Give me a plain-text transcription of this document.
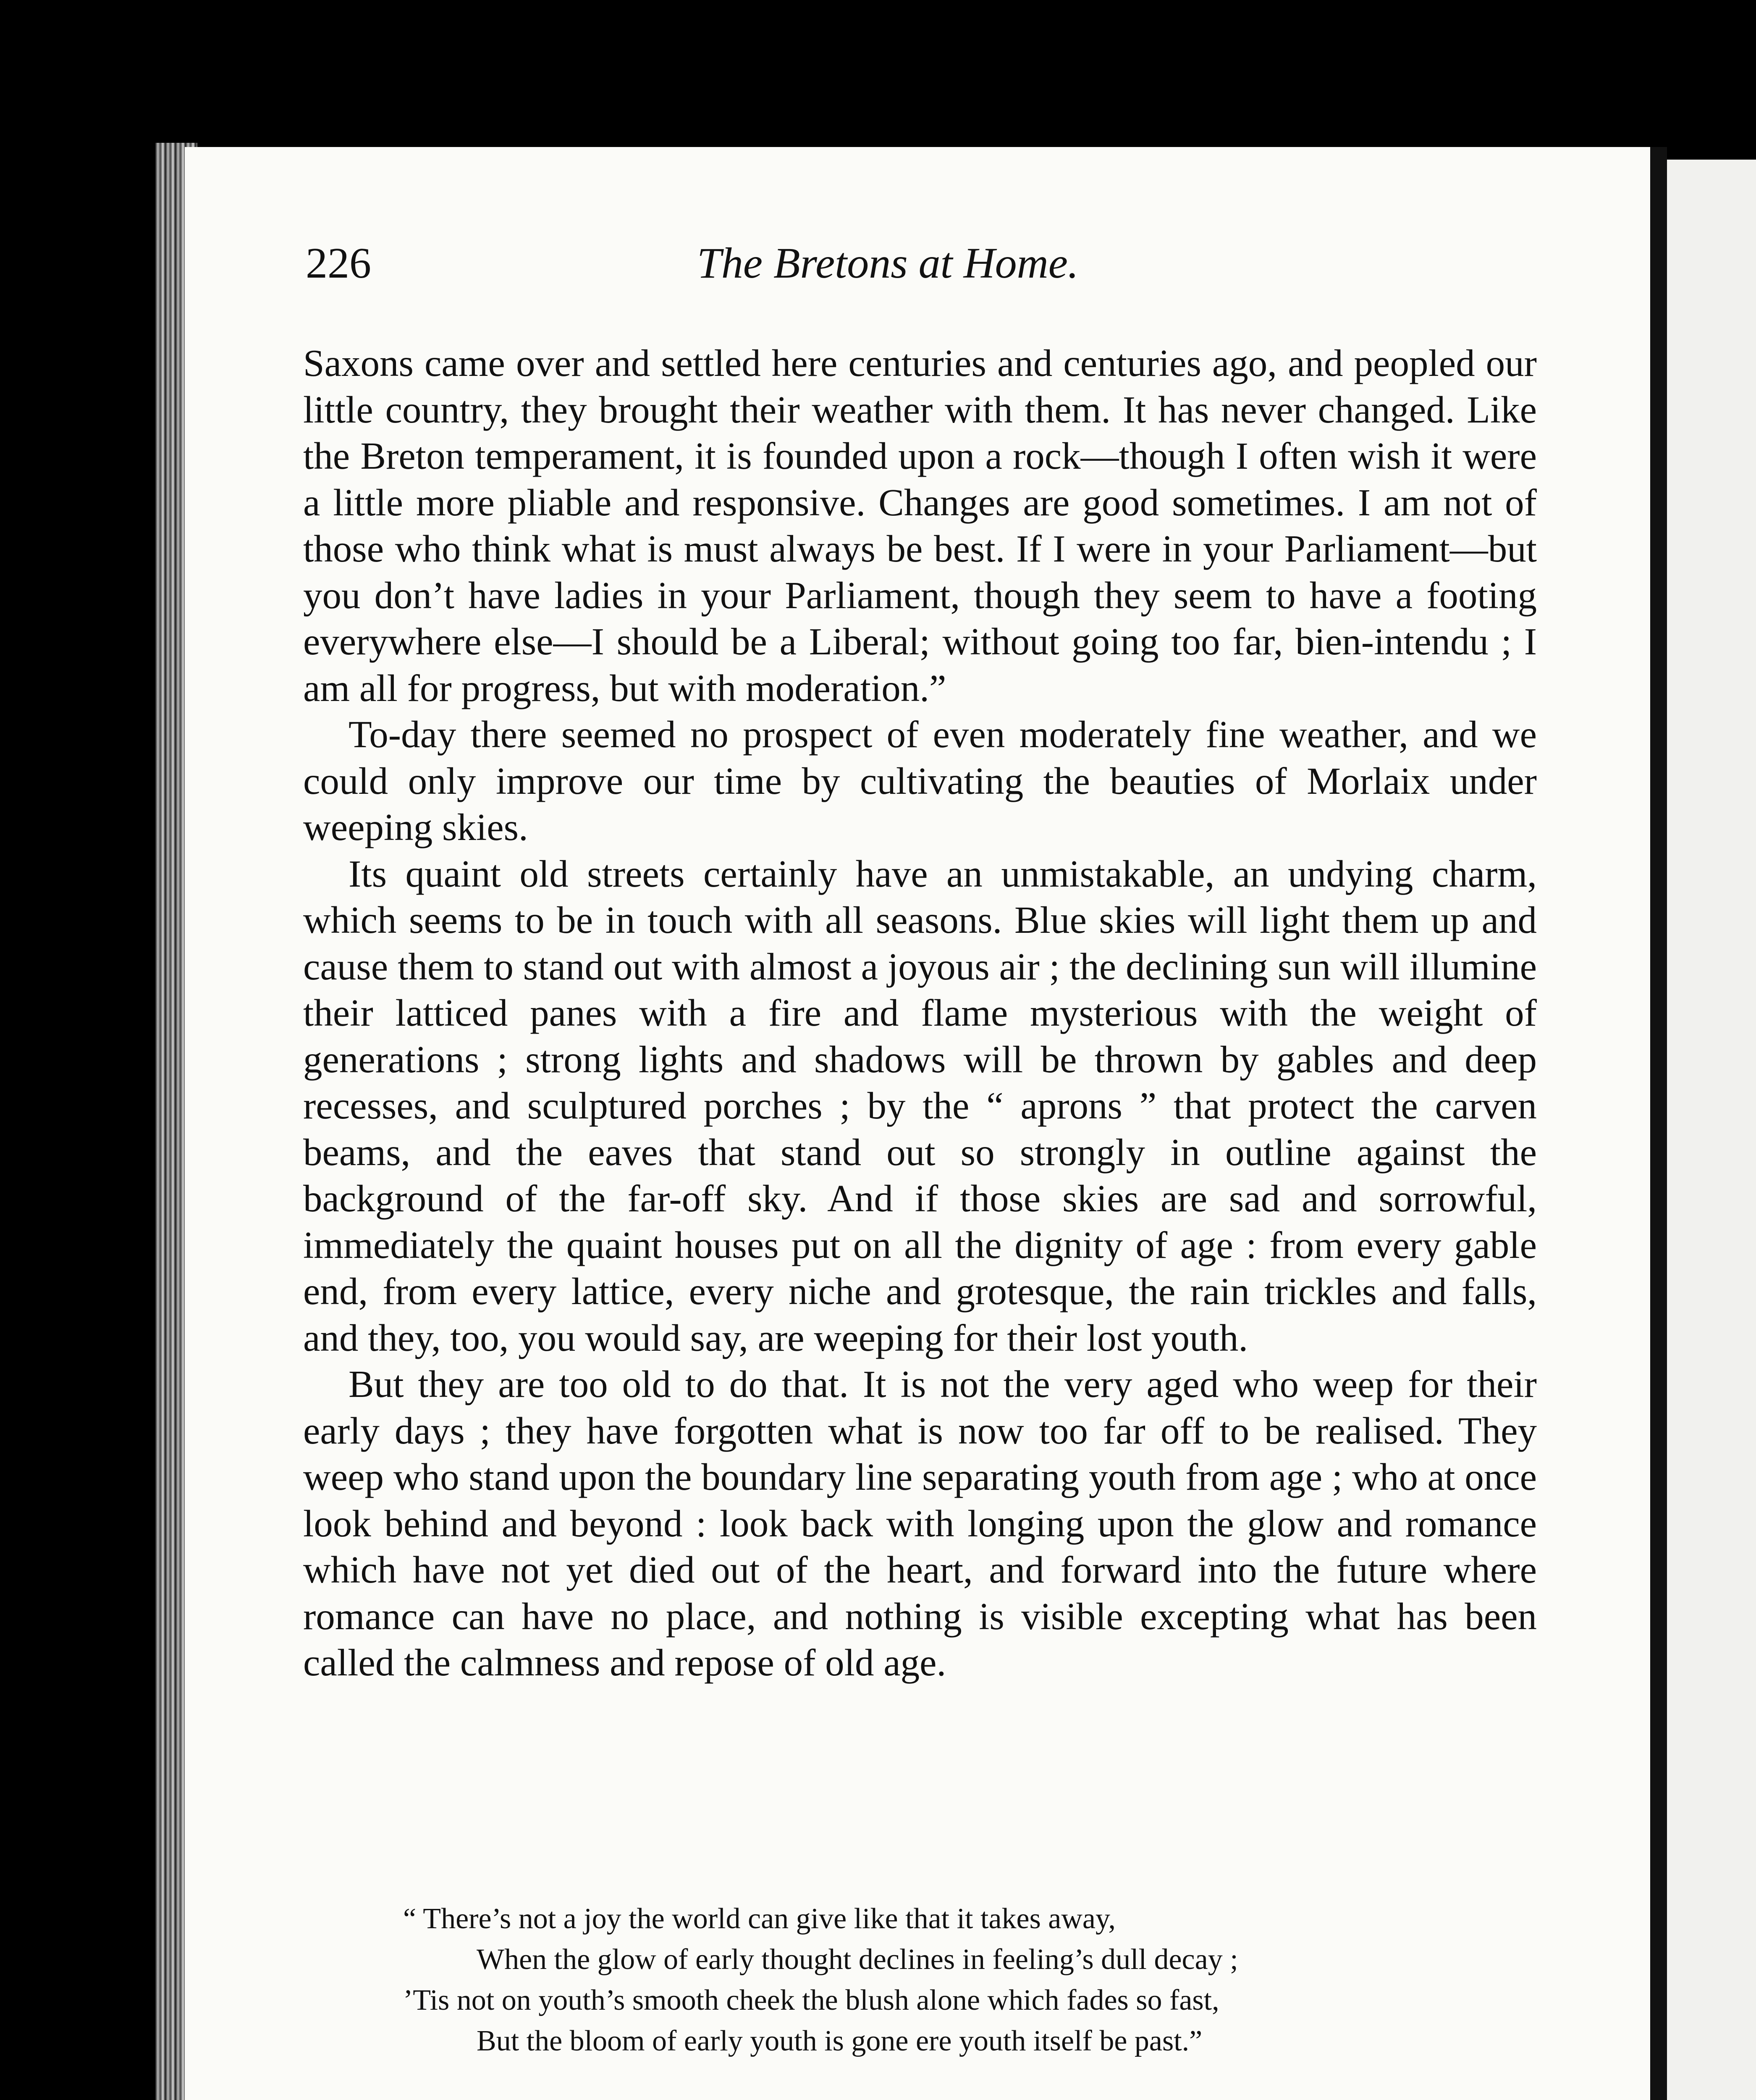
226	The Bretons at Home.

Saxons came over and settled here centuries and centuries ago, and peopled our little country, they brought their weather with them. It has never changed. Like the Breton temperament, it is founded upon a rock—though I often wish it were a little more pliable and responsive. Changes are good sometimes. I am not of those who think what is must always be best. If I were in your Parliament—but you don’t have ladies in your Parliament, though they seem to have a footing everywhere else—I should be a Liberal; without going too far, bien-intendu ; I am all for progress, but with moderation.”

To-day there seemed no prospect of even moderately fine weather, and we could only improve our time by cultivating the beauties of Morlaix under weeping skies.

Its quaint old streets certainly have an unmistakable, an undying charm, which seems to be in touch with all seasons. Blue skies will light them up and cause them to stand out with almost a joyous air ; the declining sun will illumine their latticed panes with a fire and flame mysterious with the weight of generations ; strong lights and shadows will be thrown by gables and deep recesses, and sculptured porches ; by the “ aprons ” that protect the carven beams, and the eaves that stand out so strongly in outline against the background of the far-off sky. And if those skies are sad and sorrowful, immediately the quaint houses put on all the dignity of age : from every gable end, from every lattice, every niche and grotesque, the rain trickles and falls, and they, too, you would say, are weeping for their lost youth.

But they are too old to do that. It is not the very aged who weep for their early days ; they have forgotten what is now too far off to be realised. They weep who stand upon the boundary line separating youth from age ; who at once look behind and beyond : look back with longing upon the glow and romance which have not yet died out of the heart, and forward into the future where romance can have no place, and nothing is visible excepting what has been called the calmness and repose of old age.

“ There’s not a joy the world can give like that it takes away,
When the glow of early thought declines in feeling’s dull decay ;
’Tis not on youth’s smooth cheek the blush alone which fades so fast,
But the bloom of early youth is gone ere youth itself be past.”
